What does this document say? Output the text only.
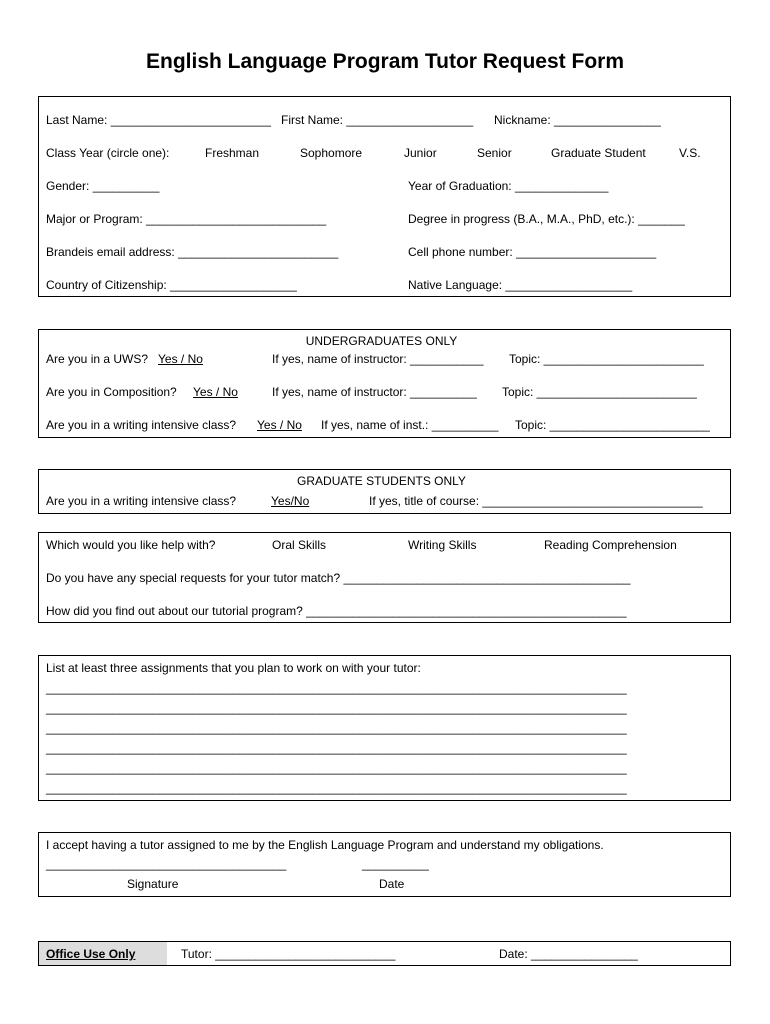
English Language Program Tutor Request Form
Last Name: ________________________ First Name: ___________________ Nickname: ________________
Class Year (circle one):	Freshman	Sophomore	Junior	Senior	Graduate Student	V.S.
Gender: __________	Year of Graduation: ______________
Major or Program: ___________________________	Degree in progress (B.A., M.A., PhD, etc.): _______
Brandeis email address: ________________________	Cell phone number: _____________________
Country of Citizenship: ___________________	Native Language: ___________________
UNDERGRADUATES ONLY
Are you in a UWS? Yes / No	If yes, name of instructor: ___________ Topic: ________________________
Are you in Composition? Yes / No	If yes, name of instructor: __________ Topic: ________________________
Are you in a writing intensive class? Yes / No If yes, name of inst.: __________ Topic: ________________________
GRADUATE STUDENTS ONLY
Are you in a writing intensive class?	Yes/No	If yes, title of course: _________________________________
Which would you like help with?	Oral Skills	Writing Skills	Reading Comprehension
Do you have any special requests for your tutor match? ___________________________________________
How did you find out about our tutorial program? ________________________________________________
List at least three assignments that you plan to work on with your tutor:
_______________________________________________________________________________________
_______________________________________________________________________________________
_______________________________________________________________________________________
_______________________________________________________________________________________
_______________________________________________________________________________________
_______________________________________________________________________________________
I accept having a tutor assigned to me by the English Language Program and understand my obligations.
____________________________________	__________
Signature	Date
Office Use Only	Tutor: ___________________________	Date: ________________
